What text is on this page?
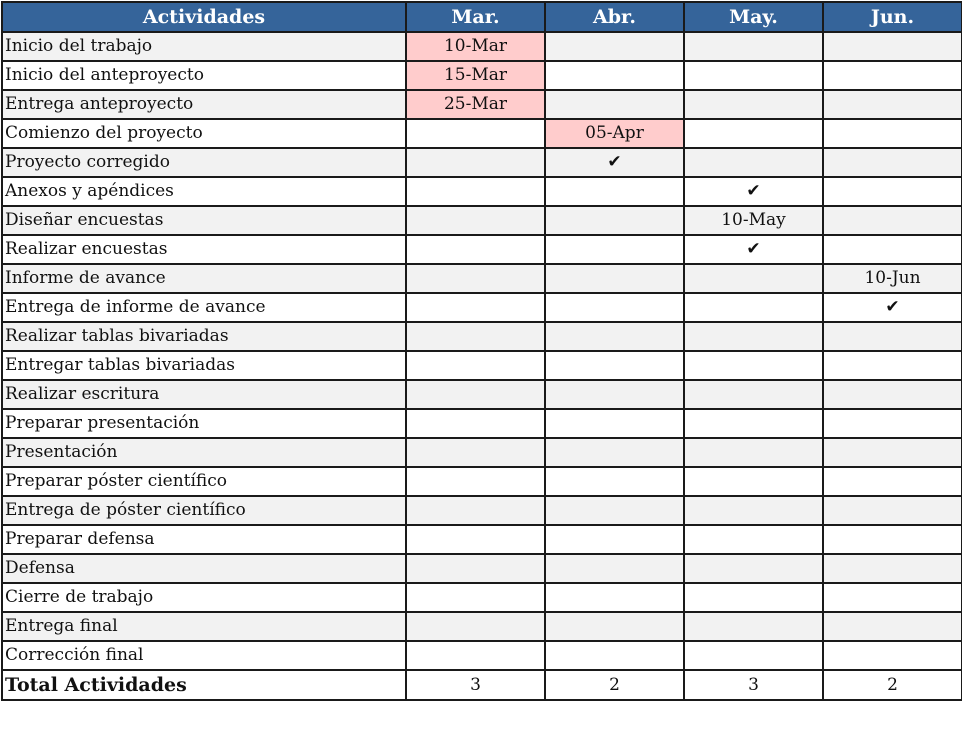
Actividades	Mar.	Abr.	May.	Jun.
Inicio del trabajo	10-Mar			
Inicio del anteproyecto	15-Mar			
Entrega anteproyecto	25-Mar			
Comienzo del proyecto		05-Apr		
Proyecto corregido		✔		
Anexos y apéndices			✔	
Diseñar encuestas			10-May	
Realizar encuestas			✔	
Informe de avance				10-Jun
Entrega de informe de avance				✔
Realizar tablas bivariadas				
Entregar tablas bivariadas				
Realizar escritura				
Preparar presentación				
Presentación				
Preparar póster científico				
Entrega de póster científico				
Preparar defensa				
Defensa				
Cierre de trabajo				
Entrega final				
Corrección final				
Total Actividades	3	2	3	2
